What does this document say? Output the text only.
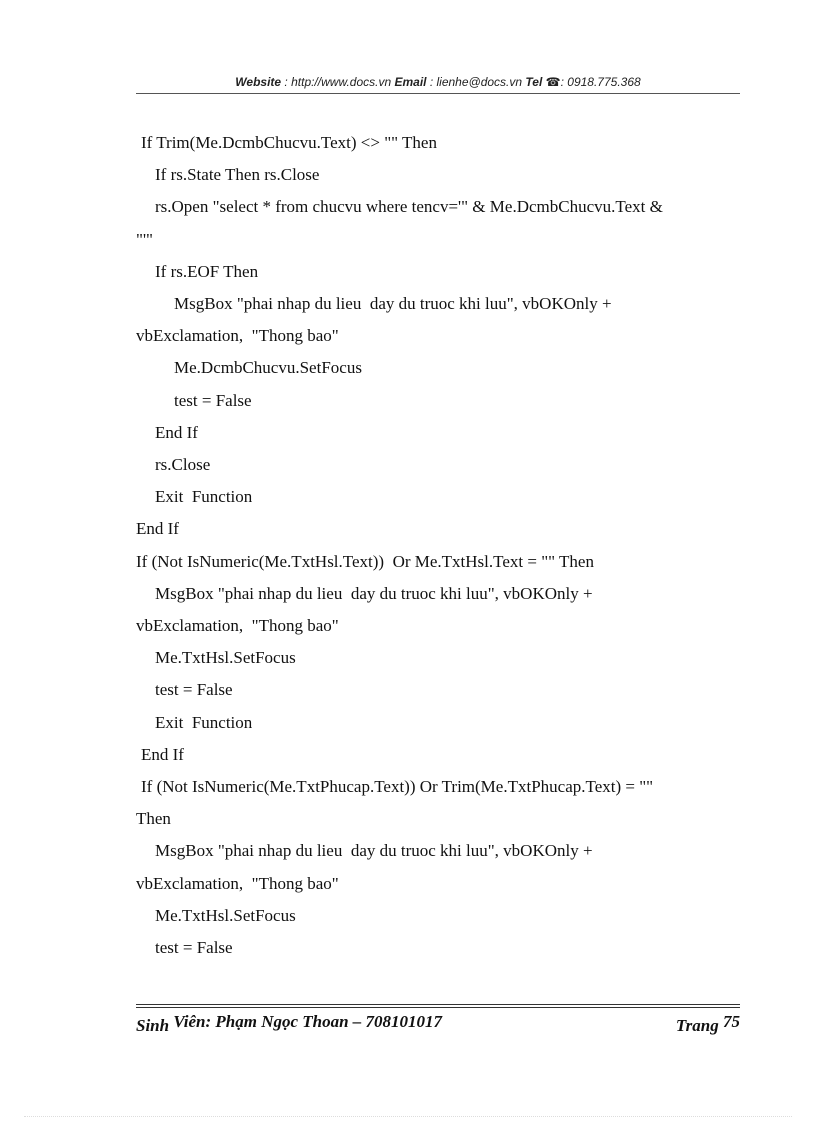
Website : http://www.docs.vn Email : lienhe@docs.vn Tel ☎: 0918.775.368
If Trim(Me.DcmbChucvu.Text) <> "" Then
If rs.State Then rs.Close
rs.Open "select * from chucvu where tencv='" & Me.DcmbChucvu.Text &
"'"
If rs.EOF Then
MsgBox "phai nhap du lieu  day du truoc khi luu", vbOKOnly +
vbExclamation,  "Thong bao"
Me.DcmbChucvu.SetFocus
test = False
End If
rs.Close
Exit  Function
End If
If (Not IsNumeric(Me.TxtHsl.Text))  Or Me.TxtHsl.Text = "" Then
MsgBox "phai nhap du lieu  day du truoc khi luu", vbOKOnly +
vbExclamation,  "Thong bao"
Me.TxtHsl.SetFocus
test = False
Exit  Function
End If
If (Not IsNumeric(Me.TxtPhucap.Text)) Or Trim(Me.TxtPhucap.Text) = ""
Then
MsgBox "phai nhap du lieu  day du truoc khi luu", vbOKOnly +
vbExclamation,  "Thong bao"
Me.TxtHsl.SetFocus
test = False
Sinh Viên: Phạm Ngọc Thoan – 708101017	Trang 75
